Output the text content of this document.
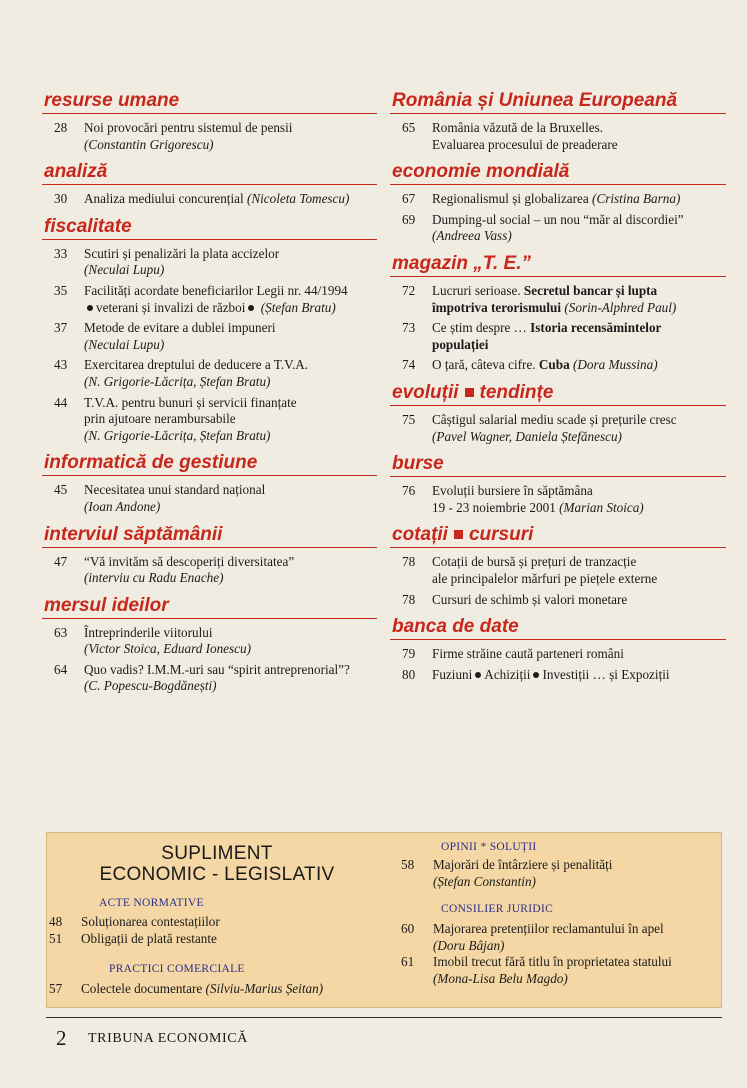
resurse umane
28	Noi provocări pentru sistemul de pensii
(Constantin Grigorescu)
analiză
30	Analiza mediului concurențial (Nicoleta Tomescu)
fiscalitate
33	Scutiri și penalizări la plata accizelor
(Neculai Lupu)
35	Facilități acordate beneficiarilor Legii nr. 44/1994
veterani și invalizi de război (Ștefan Bratu)
37	Metode de evitare a dublei impuneri
(Neculai Lupu)
43	Exercitarea dreptului de deducere a T.V.A.
(N. Grigorie-Lăcrița, Ștefan Bratu)
44	T.V.A. pentru bunuri și servicii finanțate
prin ajutoare nerambursabile
(N. Grigorie-Lăcrița, Ștefan Bratu)
informatică de gestiune
45	Necesitatea unui standard național
(Ioan Andone)
interviul săptămânii
47	“Vă invităm să descoperiți diversitatea”
(interviu cu Radu Enache)
mersul ideilor
63	Întreprinderile viitorului
(Victor Stoica, Eduard Ionescu)
64	Quo vadis? I.M.M.-uri sau “spirit antreprenorial”?
(C. Popescu-Bogdănești)
România și Uniunea Europeană
65	România văzută de la Bruxelles.
Evaluarea procesului de preaderare
economie mondială
67	Regionalismul și globalizarea (Cristina Barna)
69	Dumping-ul social – un nou “măr al discordiei”
(Andreea Vass)
magazin „T. E.”
72	Lucruri serioase. Secretul bancar și lupta
împotriva terorismului (Sorin-Alphred Paul)
73	Ce știm despre … Istoria recensămintelor
populației
74	O țară, câteva cifre. Cuba (Dora Mussina)
evoluții tendințe
75	Câștigul salarial mediu scade și prețurile cresc
(Pavel Wagner, Daniela Ștefănescu)
burse
76	Evoluții bursiere în săptămâna
19 - 23 noiembrie 2001 (Marian Stoica)
cotații cursuri
78	Cotații de bursă și prețuri de tranzacție
ale principalelor mărfuri pe piețele externe
78	Cursuri de schimb și valori monetare
banca de date
79	Firme străine caută parteneri români
80	Fuziuni Achiziții Investiții … și Expoziții
SUPLIMENT
ECONOMIC - LEGISLATIV
ACTE NORMATIVE
48 Soluționarea contestațiilor
51 Obligații de plată restante
PRACTICI COMERCIALE
57 Colectele documentare (Silviu-Marius Șeitan)
OPINII * SOLUȚII
58 Majorări de întârziere și penalități
(Ștefan Constantin)
CONSILIER JURIDIC
60 Majorarea pretențiilor reclamantului în apel
(Doru Bâjan)
61 Imobil trecut fără titlu în proprietatea statului
(Mona-Lisa Belu Magdo)
2 TRIBUNA ECONOMICĂ
